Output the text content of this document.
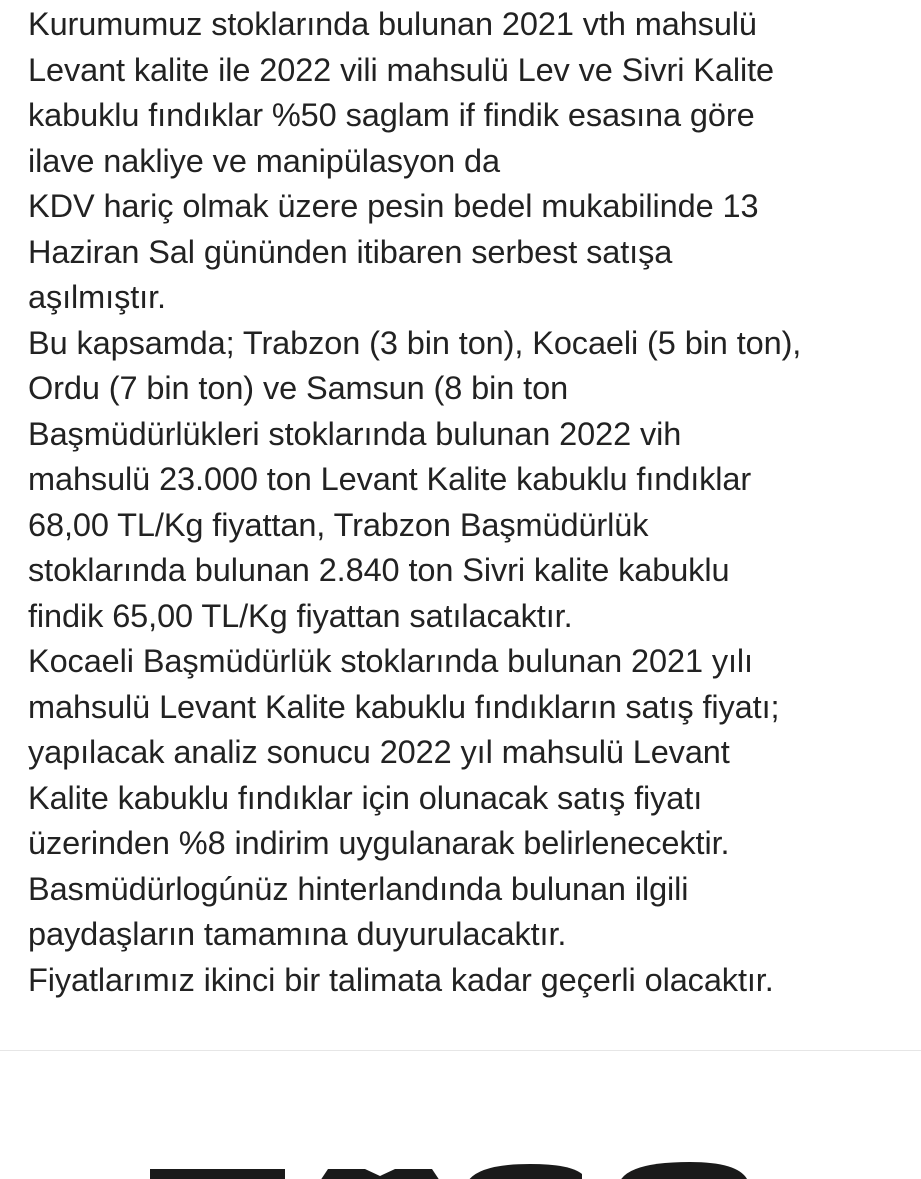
Kurumumuz stoklarında bulunan 2021 vth mahsulü
Levant kalite ile 2022 vili mahsulü Lev ve Sivri Kalite
kabuklu fındıklar %50 saglam if findik esasına göre
ilave nakliye ve manipülasyon da
KDV hariç olmak üzere pesin bedel mukabilinde 13
Haziran Sal gününden itibaren serbest satışa
aşılmıştır.
Bu kapsamda; Trabzon (3 bin ton), Kocaeli (5 bin ton),
Ordu (7 bin ton) ve Samsun (8 bin ton
Başmüdürlükleri stoklarında bulunan 2022 vih
mahsulü 23.000 ton Levant Kalite kabuklu fındıklar
68,00 TL/Kg fiyattan, Trabzon Başmüdürlük
stoklarında bulunan 2.840 ton Sivri kalite kabuklu
findik 65,00 TL/Kg fiyattan satılacaktır.
Kocaeli Başmüdürlük stoklarında bulunan 2021 yılı
mahsulü Levant Kalite kabuklu fındıkların satış fiyatı;
yapılacak analiz sonucu 2022 yıl mahsulü Levant
Kalite kabuklu fındıklar için olunacak satış fiyatı
üzerinden %8 indirim uygulanarak belirlenecektir.
Basmüdürlogúnüz hinterlandında bulunan ilgili
paydaşların tamamına duyurulacaktır.
Fiyatlarımız ikinci bir talimata kadar geçerli olacaktır.
